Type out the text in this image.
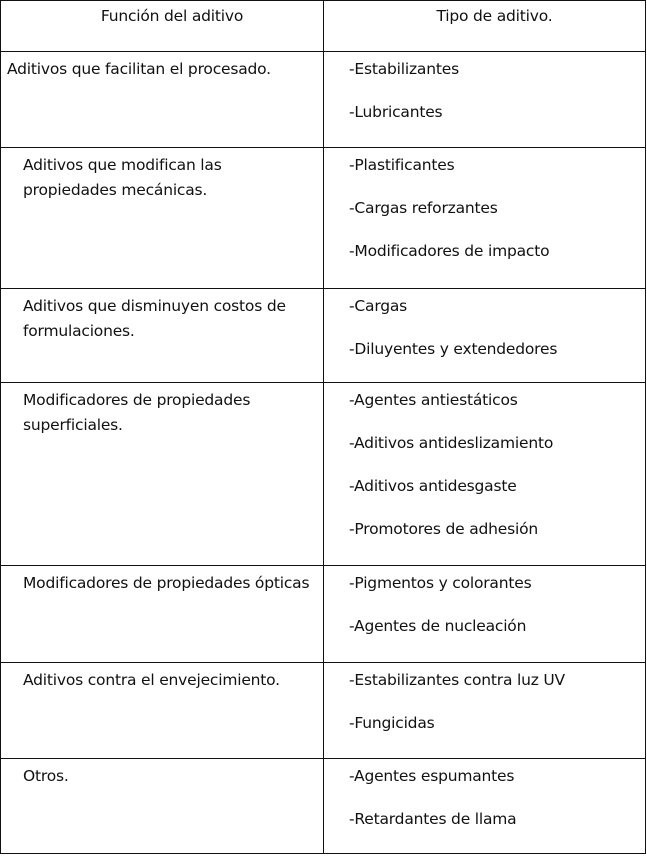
Función del aditivo	Tipo de aditivo.
Aditivos que facilitan el procesado.	-Estabilizantes
-Lubricantes

Aditivos que modifican las propiedades mecánicas.	-Plastificantes
-Cargas reforzantes
-Modificadores de impacto

Aditivos que disminuyen costos de formulaciones.	-Cargas
-Diluyentes y extendedores

Modificadores de propiedades superficiales.	-Agentes antiestáticos
-Aditivos antideslizamiento
-Aditivos antidesgaste
-Promotores de adhesión

Modificadores de propiedades ópticas	-Pigmentos y colorantes
-Agentes de nucleación

Aditivos contra el envejecimiento.	-Estabilizantes contra luz UV
-Fungicidas

Otros.	-Agentes espumantes
-Retardantes de llama
